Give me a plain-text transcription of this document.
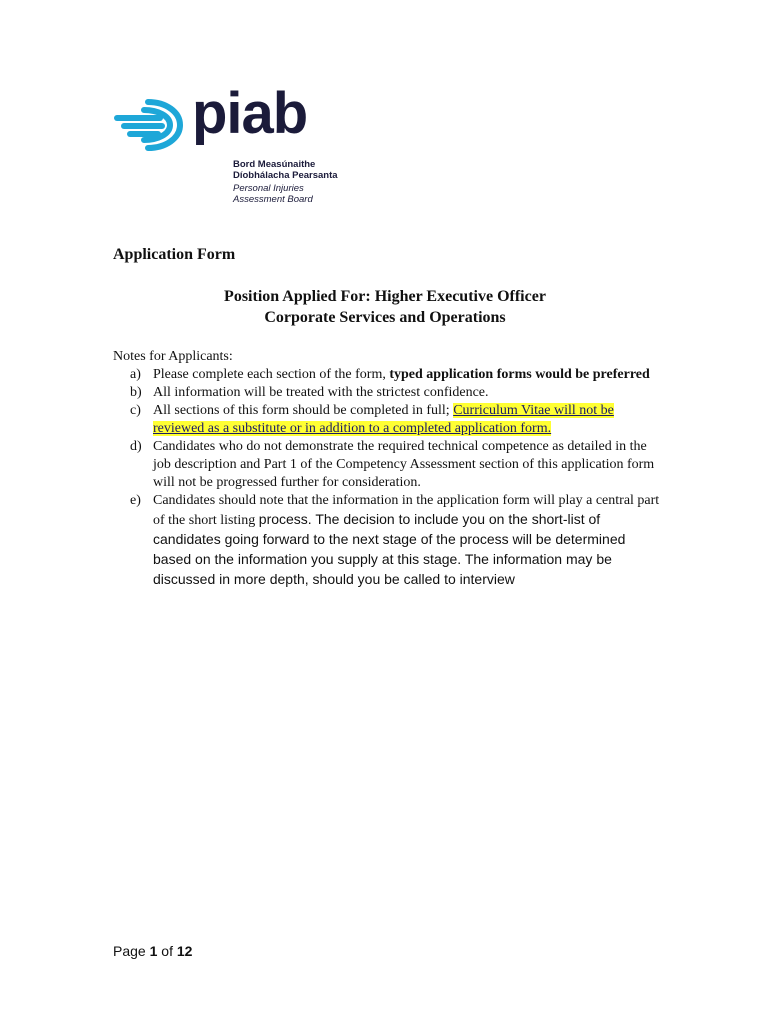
piab
Bord Measúnaithe
Díobhálacha Pearsanta
Personal Injuries
Assessment Board
Application Form
Position Applied For: Higher Executive Officer
Corporate Services and Operations
Notes for Applicants:
a) Please complete each section of the form, typed application forms would be preferred
b) All information will be treated with the strictest confidence.
c) All sections of this form should be completed in full; Curriculum Vitae will not be reviewed as a substitute or in addition to a completed application form.
d) Candidates who do not demonstrate the required technical competence as detailed in the job description and Part 1 of the Competency Assessment section of this application form will not be progressed further for consideration.
e) Candidates should note that the information in the application form will play a central part of the short listing process. The decision to include you on the short-list of candidates going forward to the next stage of the process will be determined based on the information you supply at this stage. The information may be discussed in more depth, should you be called to interview
Page 1 of 12
